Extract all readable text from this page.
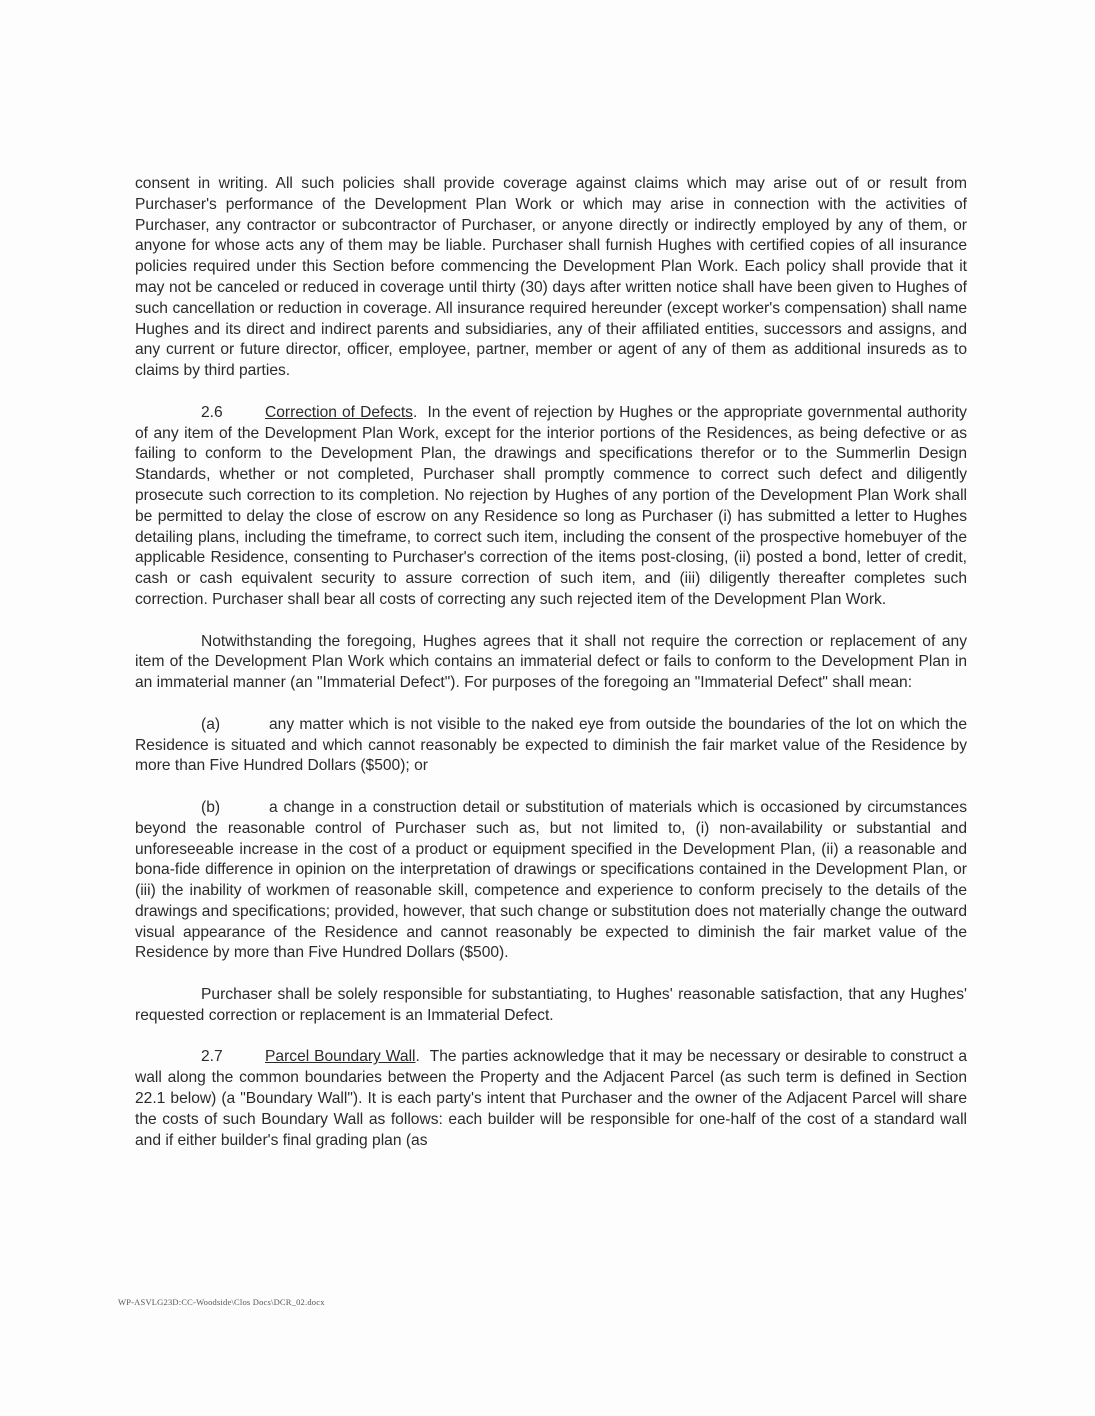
consent in writing. All such policies shall provide coverage against claims which may arise out of or result from Purchaser's performance of the Development Plan Work or which may arise in connection with the activities of Purchaser, any contractor or subcontractor of Purchaser, or anyone directly or indirectly employed by any of them, or anyone for whose acts any of them may be liable. Purchaser shall furnish Hughes with certified copies of all insurance policies required under this Section before commencing the Development Plan Work. Each policy shall provide that it may not be canceled or reduced in coverage until thirty (30) days after written notice shall have been given to Hughes of such cancellation or reduction in coverage. All insurance required hereunder (except worker's compensation) shall name Hughes and its direct and indirect parents and subsidiaries, any of their affiliated entities, successors and assigns, and any current or future director, officer, employee, partner, member or agent of any of them as additional insureds as to claims by third parties.

2.6	Correction of Defects.  In the event of rejection by Hughes or the appropriate governmental authority of any item of the Development Plan Work, except for the interior portions of the Residences, as being defective or as failing to conform to the Development Plan, the drawings and specifications therefor or to the Summerlin Design Standards, whether or not completed, Purchaser shall promptly commence to correct such defect and diligently prosecute such correction to its completion. No rejection by Hughes of any portion of the Development Plan Work shall be permitted to delay the close of escrow on any Residence so long as Purchaser (i) has submitted a letter to Hughes detailing plans, including the timeframe, to correct such item, including the consent of the prospective homebuyer of the applicable Residence, consenting to Purchaser's correction of the items post-closing, (ii) posted a bond, letter of credit, cash or cash equivalent security to assure correction of such item, and (iii) diligently thereafter completes such correction. Purchaser shall bear all costs of correcting any such rejected item of the Development Plan Work.

Notwithstanding the foregoing, Hughes agrees that it shall not require the correction or replacement of any item of the Development Plan Work which contains an immaterial defect or fails to conform to the Development Plan in an immaterial manner (an "Immaterial Defect"). For purposes of the foregoing an "Immaterial Defect" shall mean:

(a)	any matter which is not visible to the naked eye from outside the boundaries of the lot on which the Residence is situated and which cannot reasonably be expected to diminish the fair market value of the Residence by more than Five Hundred Dollars ($500); or

(b)	a change in a construction detail or substitution of materials which is occasioned by circumstances beyond the reasonable control of Purchaser such as, but not limited to, (i) non-availability or substantial and unforeseeable increase in the cost of a product or equipment specified in the Development Plan, (ii) a reasonable and bona-fide difference in opinion on the interpretation of drawings or specifications contained in the Development Plan, or (iii) the inability of workmen of reasonable skill, competence and experience to conform precisely to the details of the drawings and specifications; provided, however, that such change or substitution does not materially change the outward visual appearance of the Residence and cannot reasonably be expected to diminish the fair market value of the Residence by more than Five Hundred Dollars ($500).

Purchaser shall be solely responsible for substantiating, to Hughes' reasonable satisfaction, that any Hughes' requested correction or replacement is an Immaterial Defect.

2.7	Parcel Boundary Wall.  The parties acknowledge that it may be necessary or desirable to construct a wall along the common boundaries between the Property and the Adjacent Parcel (as such term is defined in Section 22.1 below) (a "Boundary Wall"). It is each party's intent that Purchaser and the owner of the Adjacent Parcel will share the costs of such Boundary Wall as follows: each builder will be responsible for one-half of the cost of a standard wall and if either builder's final grading plan (as

WP-ASVLG23D:CC-Woodside\Clos Docs\DCR_02.docx
